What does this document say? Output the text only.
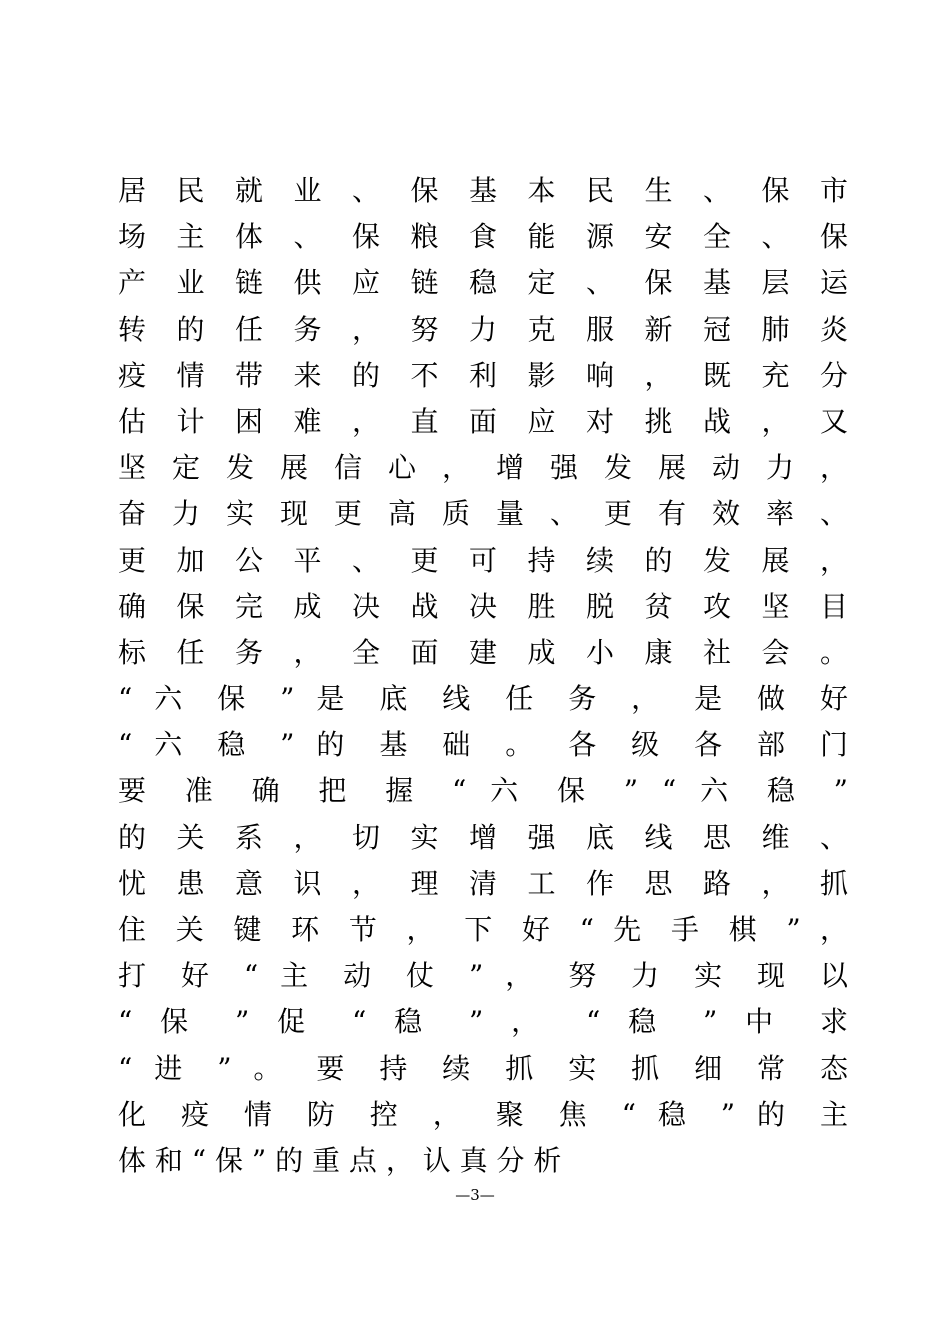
居 民 就 业 、 保 基 本 民 生 、 保 市
场 主 体 、 保 粮 食 能 源 安 全 、 保
产 业 链 供 应 链 稳 定 、 保 基 层 运
转 的 任 务 ， 努 力 克 服 新 冠 肺 炎
疫 情 带 来 的 不 利 影 响 ， 既 充 分
估 计 困 难 ， 直 面 应 对 挑 战 ， 又
坚 定 发 展 信 心 ， 增 强 发 展 动 力 ，
奋 力 实 现 更 高 质 量 、 更 有 效 率 、
更 加 公 平 、 更 可 持 续 的 发 展 ，
确 保 完 成 决 战 决 胜 脱 贫 攻 坚 目
标 任 务 ， 全 面 建 成 小 康 社 会 。
“ 六 保 ” 是 底 线 任 务 ， 是 做 好
“ 六 稳 ” 的 基 础 。 各 级 各 部 门
要 准 确 把 握 “ 六 保 ” “ 六 稳 ”
的 关 系 ， 切 实 增 强 底 线 思 维 、
忧 患 意 识 ， 理 清 工 作 思 路 ， 抓
住 关 键 环 节 ， 下 好 “ 先 手 棋 ” ，
打 好 “ 主 动 仗 ” ， 努 力 实 现 以
“ 保 ” 促 “ 稳 ” ， “ 稳 ” 中 求
“ 进 ” 。 要 持 续 抓 实 抓 细 常 态
化 疫 情 防 控 ， 聚 焦 “ 稳 ” 的 主
体 和 “ 保 ” 的 重 点 ， 认 真 分 析
—3—
